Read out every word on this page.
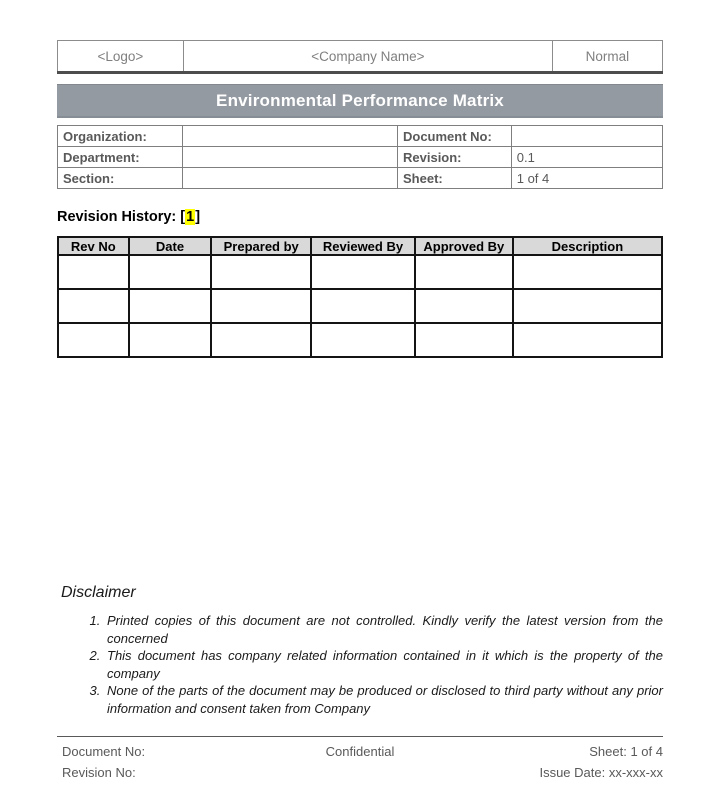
<Logo>	<Company Name>	Normal
Environmental Performance Matrix
Organization:		Document No:	
Department:		Revision:	0.1
Section:		Sheet:	1 of 4
Revision History: [1]
Rev No	Date	Prepared by	Reviewed By	Approved By	Description

Disclaimer
1. Printed copies of this document are not controlled. Kindly verify the latest version from the concerned
2. This document has company related information contained in it which is the property of the company
3. None of the parts of the document may be produced or disclosed to third party without any prior information and consent taken from Company
Document No:
Revision No:
Confidential	Sheet: 1 of 4
Issue Date: xx-xxx-xx
